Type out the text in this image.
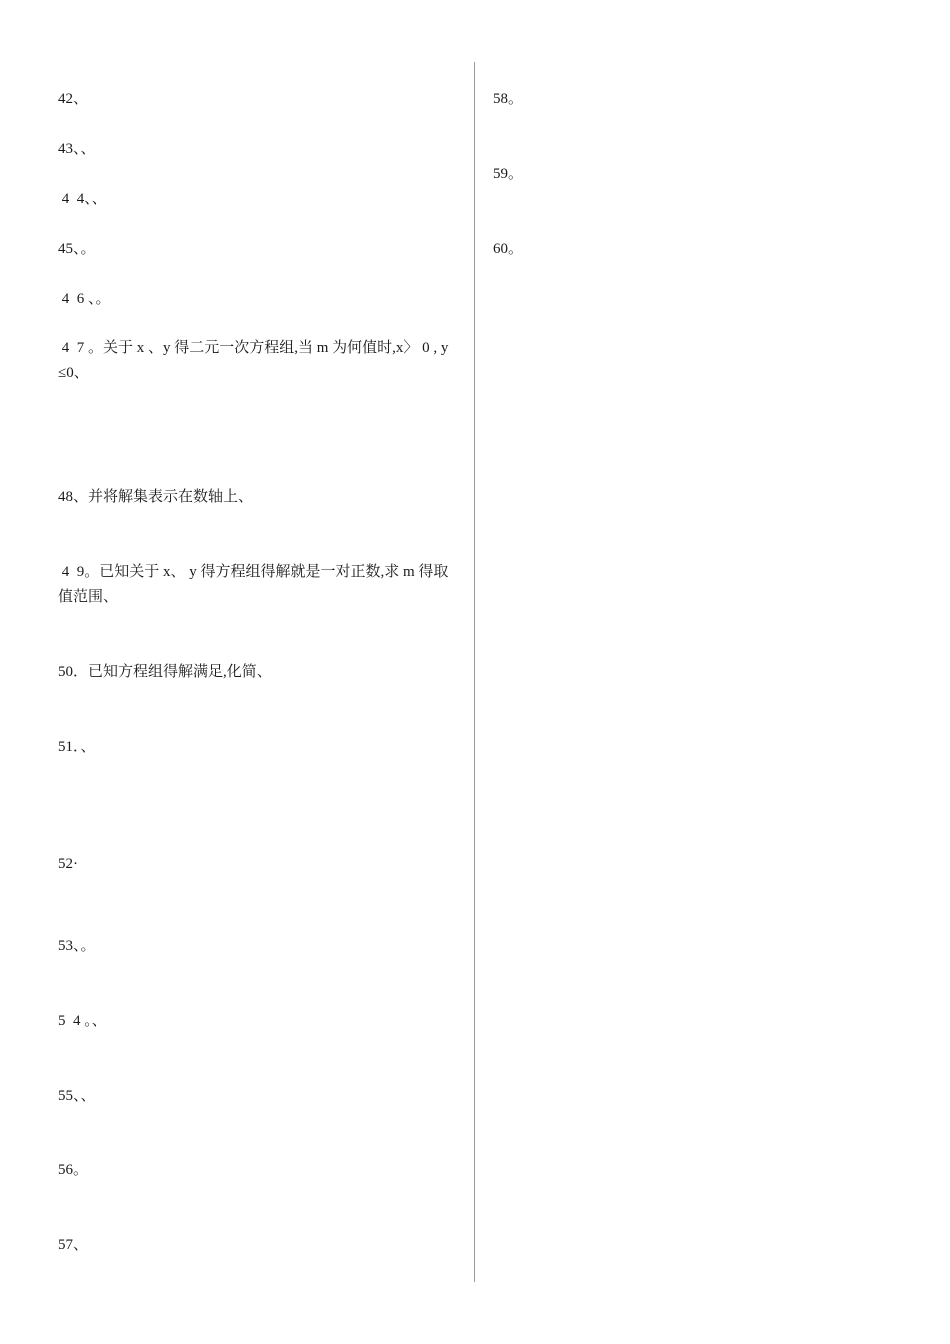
42、
43、、
4  4、、
45、。
4  6 、。
4  7 。关于 x 、y 得二元一次方程组,当 m 为何值时,x〉 0 , y ≤0、
48、并将解集表示在数轴上、
4  9。已知关于 x、 y 得方程组得解就是一对正数,求 m 得取值范围、
50．已知方程组得解满足,化简、
51．、
52·
53、。
5  4 。、
55、、
56。
57、
58。
59。
60。
